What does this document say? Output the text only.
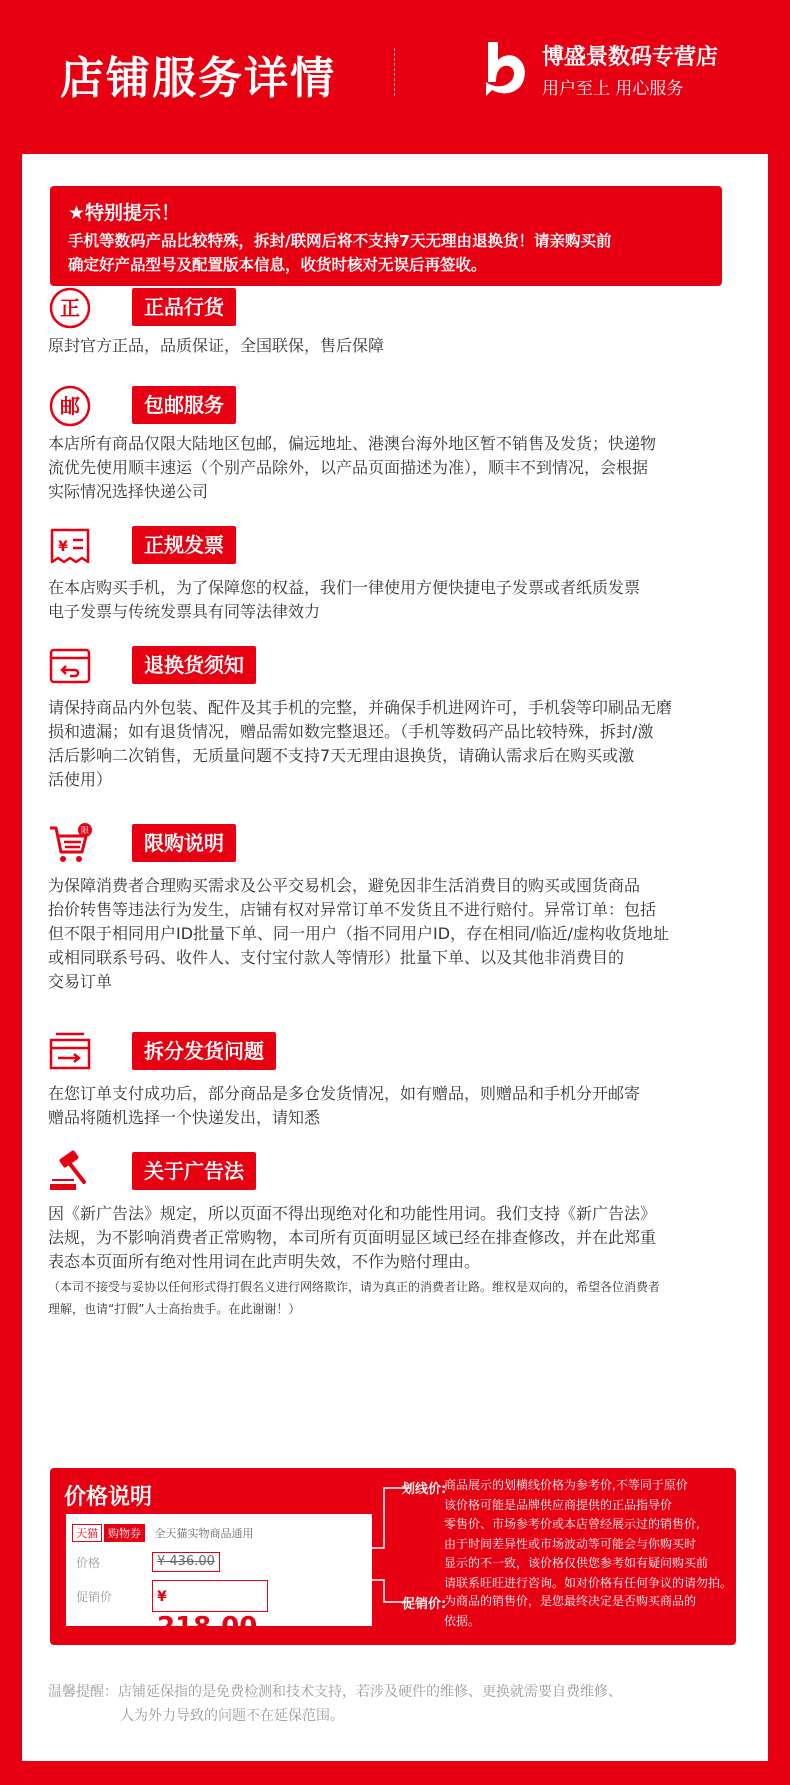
店铺服务详情	博盛景数码专营店
用户至上 用心服务
★特别提示！
手机等数码产品比较特殊，拆封/联网后将不支持7天无理由退换货！请亲购买前
确定好产品型号及配置版本信息，收货时核对无误后再签收。
正	正品行货
原封官方正品，品质保证，全国联保，售后保障
邮	包邮服务
本店所有商品仅限大陆地区包邮，偏远地址、港澳台海外地区暂不销售及发货；快递物
流优先使用顺丰速运（个别产品除外，以产品页面描述为准），顺丰不到情况，会根据
实际情况选择快递公司
¥	正规发票
在本店购买手机，为了保障您的权益，我们一律使用方便快捷电子发票或者纸质发票
电子发票与传统发票具有同等法律效力
退换货须知
请保持商品内外包装、配件及其手机的完整，并确保手机进网许可，手机袋等印刷品无磨
损和遗漏；如有退货情况，赠品需如数完整退还。（手机等数码产品比较特殊，拆封/激
活后影响二次销售，无质量问题不支持7天无理由退换货，请确认需求后在购买或激
活使用）
限
限购说明
为保障消费者合理购买需求及公平交易机会，避免因非生活消费目的购买或囤货商品
抬价转售等违法行为发生，店铺有权对异常订单不发货且不进行赔付。异常订单：包括
但不限于相同用户ID批量下单、同一用户（指不同用户ID，存在相同/临近/虚构收货地址
或相同联系号码、收件人、支付宝付款人等情形）批量下单、以及其他非消费目的
交易订单
拆分发货问题
在您订单支付成功后，部分商品是多仓发货情况，如有赠品，则赠品和手机分开邮寄
赠品将随机选择一个快递发出，请知悉
关于广告法
因《新广告法》规定，所以页面不得出现绝对化和功能性用词。我们支持《新广告法》
法规，为不影响消费者正常购物，本司所有页面明显区域已经在排查修改，并在此郑重
表态本页面所有绝对性用词在此声明失效，不作为赔付理由。
（本司不接受与妥协以任何形式得打假名义进行网络欺诈，请为真正的消费者让路。维权是双向的，希望各位消费者
理解，也请“打假”人士高抬贵手。在此谢谢！）
价格说明
天猫 购物券 全天猫实物商品通用
价格	¥ 436.00
促销价	¥ 218.00
划线价:
商品展示的划横线价格为参考价,不等同于原价
该价格可能是品牌供应商提供的正品指导价
零售价、市场参考价或本店曾经展示过的销售价,
由于时间差异性或市场波动等可能会与你购买时
显示的不一致，该价格仅供您参考如有疑问购买前
请联系旺旺进行咨询。如对价格有任何争议的请勿拍。
促销价:
为商品的销售价，是您最终决定是否购买商品的
依据。
温馨提醒：店铺延保指的是免费检测和技术支持，若涉及硬件的维修、更换就需要自费维修、
人为外力导致的问题不在延保范围。
